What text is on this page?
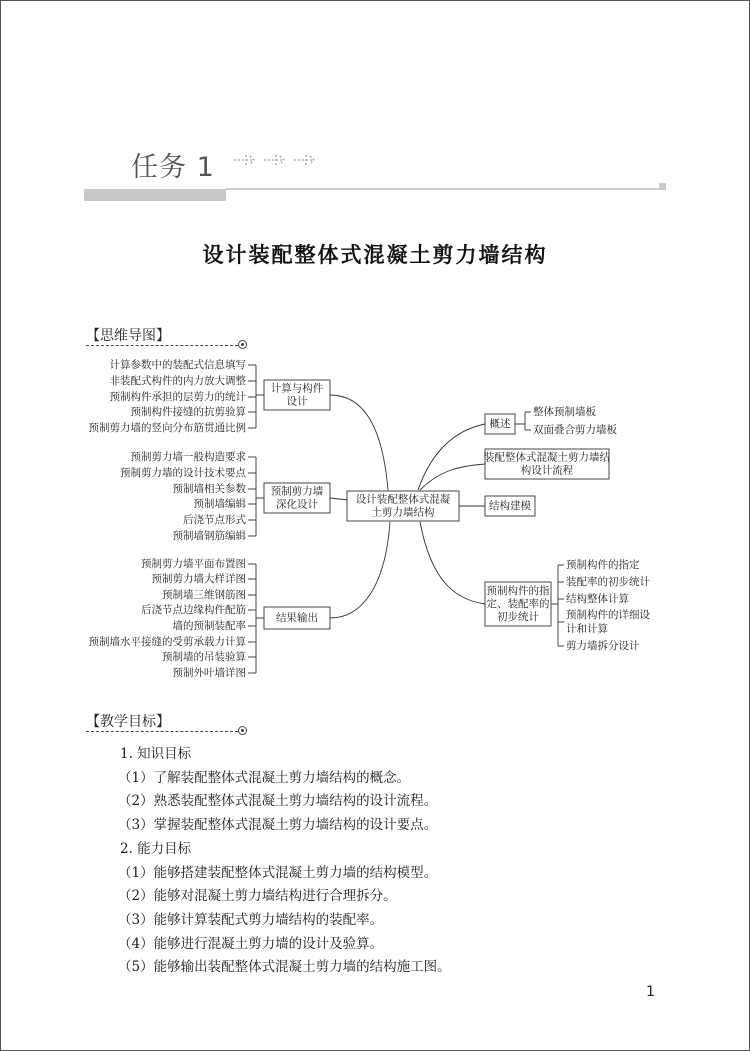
任务 1
设计装配整体式混凝土剪力墙结构
【思维导图】
设计装配整体式混凝
土剪力墙结构
计算参数中的装配式信息填写
非装配式构件的内力放大调整
预制构件承担的层剪力的统计
预制构件接缝的抗剪验算
预制剪力墙的竖向分布筋贯通比例
计算与构件
设计
预制剪力墙一般构造要求
预制剪力墙的设计技术要点
预制墙相关参数
预制墙编辑
后浇节点形式
预制墙钢筋编辑
预制剪力墙
深化设计
预制剪力墙平面布置图
预制剪力墙大样详图
预制墙三维钢筋图
后浇节点边缘构件配筋
墙的预制装配率
预制墙水平接缝的受剪承载力计算
预制墙的吊装验算
预制外叶墙详图
结果输出
整体预制墙板
双面叠合剪力墙板
概述
装配整体式混凝土剪力墙结
构设计流程
结构建模
预制构件的指定
装配率的初步统计
结构整体计算
预制构件的详细设
计和计算
剪力墙拆分设计
预制构件的指
定、装配率的
初步统计
【教学目标】
1. 知识目标
（1）了解装配整体式混凝土剪力墙结构的概念。
（2）熟悉装配整体式混凝土剪力墙结构的设计流程。
（3）掌握装配整体式混凝土剪力墙结构的设计要点。
2. 能力目标
（1）能够搭建装配整体式混凝土剪力墙的结构模型。
（2）能够对混凝土剪力墙结构进行合理拆分。
（3）能够计算装配式剪力墙结构的装配率。
（4）能够进行混凝土剪力墙的设计及验算。
（5）能够输出装配整体式混凝土剪力墙的结构施工图。
1
